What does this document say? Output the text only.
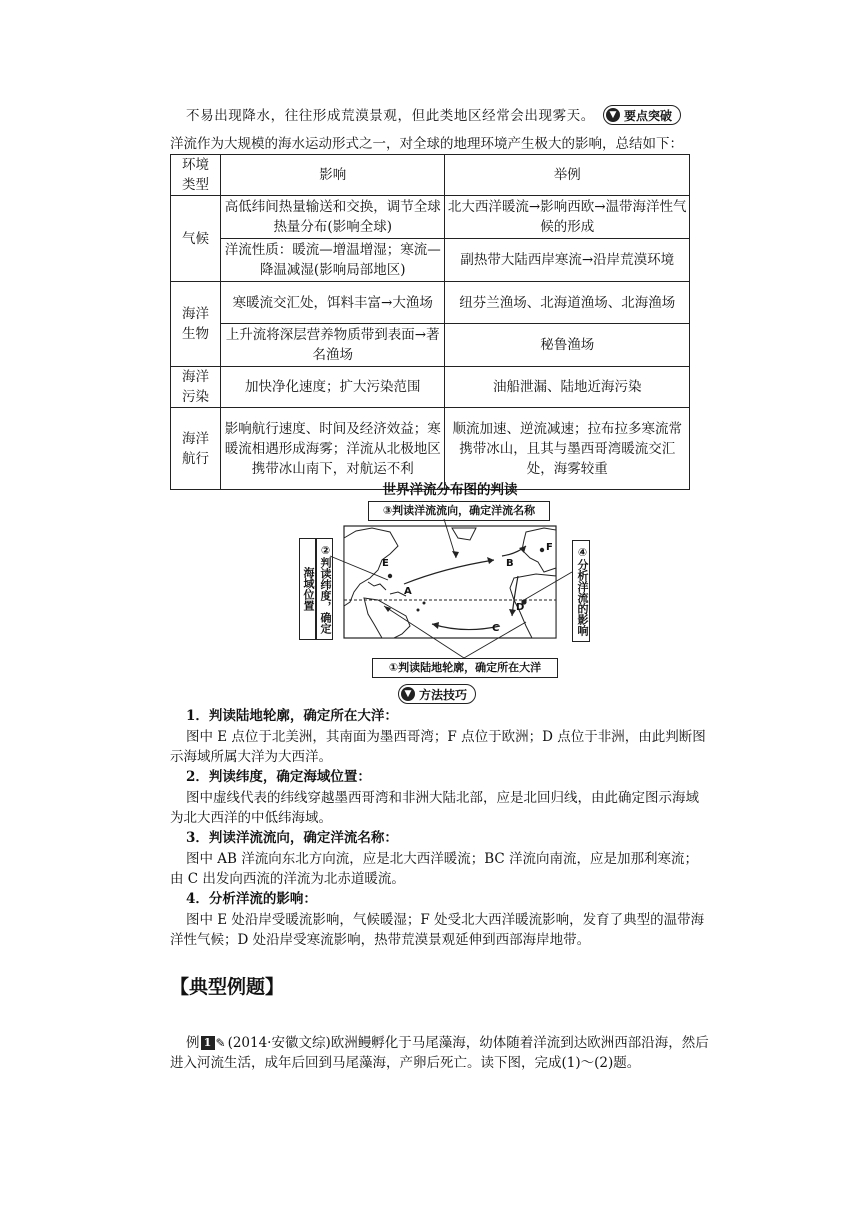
不易出现降水，往往形成荒漠景观，但此类地区经常会出现雾天。	▼ 要点突破
洋流作为大规模的海水运动形式之一，对全球的地理环境产生极大的影响，总结如下：
环境类型	影响	举例
气候	高低纬间热量输送和交换，调节全球热量分布(影响全球)	北大西洋暖流→影响西欧→温带海洋性气候的形成
	洋流性质：暖流—增温增湿；寒流—降温减湿(影响局部地区)	副热带大陆西岸寒流→沿岸荒漠环境
海洋生物	寒暖流交汇处，饵料丰富→大渔场	纽芬兰渔场、北海道渔场、北海渔场
	上升流将深层营养物质带到表面→著名渔场	秘鲁渔场
海洋污染	加快净化速度；扩大污染范围	油船泄漏、陆地近海污染
海洋航行	影响航行速度、时间及经济效益；寒暖流相遇形成海雾；洋流从北极地区携带冰山南下，对航运不利	顺流加速、逆流减速；拉布拉多寒流常携带冰山，且其与墨西哥湾暖流交汇处，海雾较重
世界洋流分布图的判读
③判读洋流流向，确定洋流名称
①判读陆地轮廓，确定所在大洋
海域位置 ②判读纬度，确定	④分析洋流的影响
E
A
B
F
D
C
▼ 方法技巧
1．判读陆地轮廓，确定所在大洋：
图中 E 点位于北美洲，其南面为墨西哥湾；F 点位于欧洲；D 点位于非洲，由此判断图
示海域所属大洋为大西洋。
2．判读纬度，确定海域位置：
图中虚线代表的纬线穿越墨西哥湾和非洲大陆北部，应是北回归线，由此确定图示海域
为北大西洋的中低纬海域。
3．判读洋流流向，确定洋流名称：
图中 AB 洋流向东北方向流，应是北大西洋暖流；BC 洋流向南流，应是加那利寒流；
由 C 出发向西流的洋流为北赤道暖流。
4．分析洋流的影响：
图中 E 处沿岸受暖流影响，气候暖湿；F 处受北大西洋暖流影响，发育了典型的温带海
洋性气候；D 处沿岸受寒流影响，热带荒漠景观延伸到西部海岸地带。
【典型例题】
例 1 ✎ (2014·安徽文综)欧洲鳗孵化于马尾藻海，幼体随着洋流到达欧洲西部沿海，然后
进入河流生活，成年后回到马尾藻海，产卵后死亡。读下图，完成(1)～(2)题。
